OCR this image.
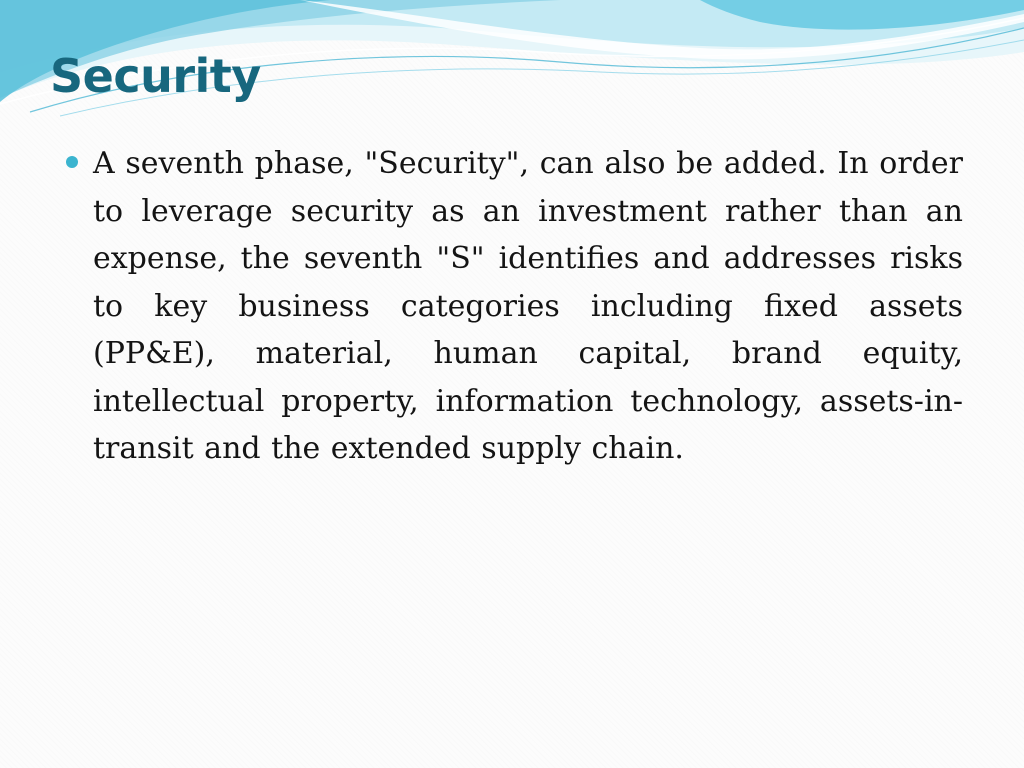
Security

A seventh phase, "Security", can also be added. In order to leverage security as an investment rather than an expense, the seventh "S" identifies and addresses risks to key business categories including fixed assets (PP&E), material, human capital, brand equity, intellectual property, information technology, assets-in-transit and the extended supply chain.
